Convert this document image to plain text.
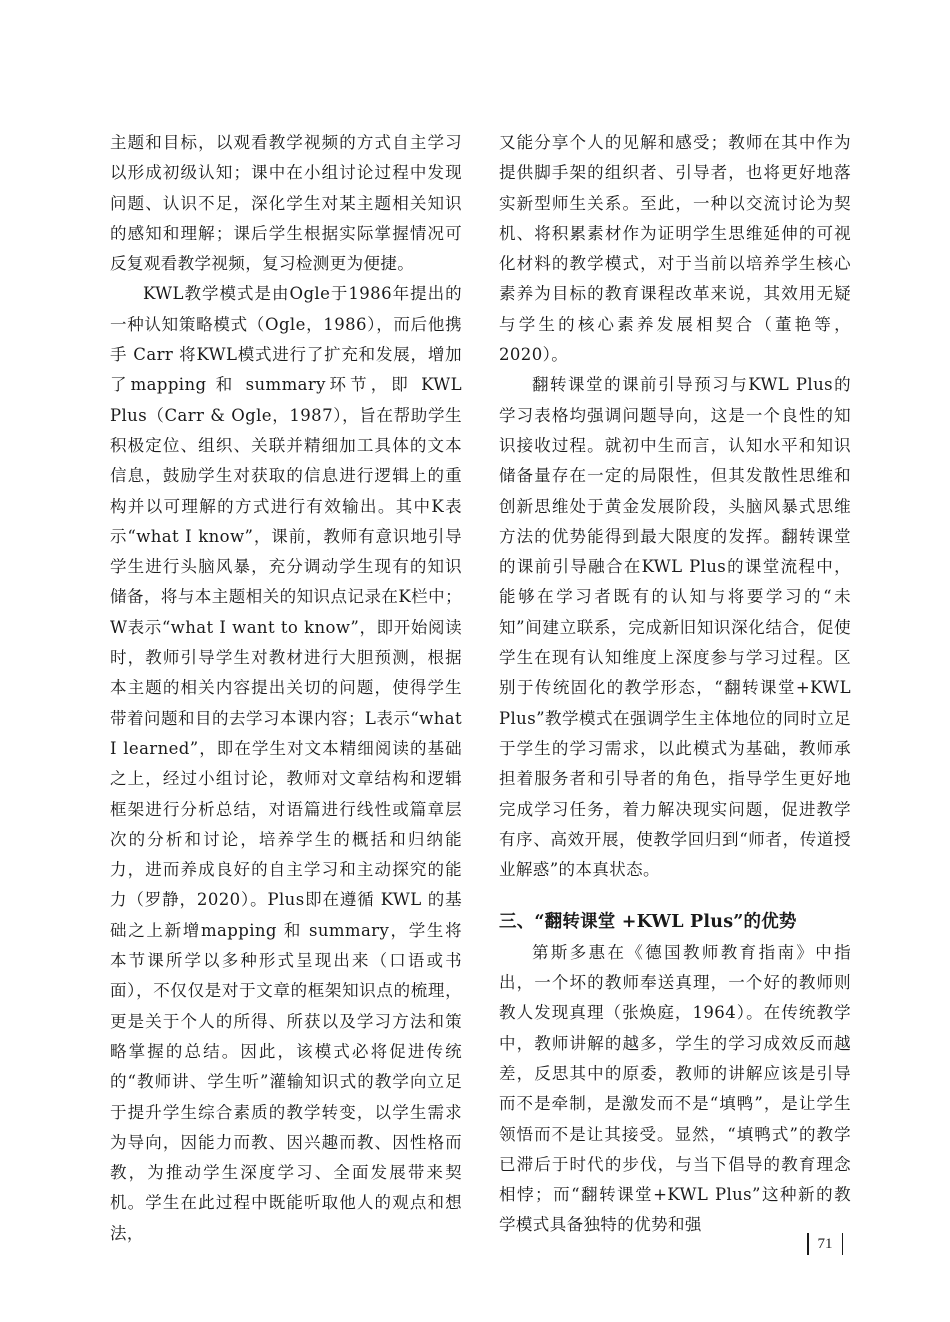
主题和目标，以观看教学视频的方式自主学习以形成初级认知；课中在小组讨论过程中发现问题、认识不足，深化学生对某主题相关知识的感知和理解；课后学生根据实际掌握情况可反复观看教学视频，复习检测更为便捷。

KWL教学模式是由Ogle于1986年提出的一种认知策略模式（Ogle，1986），而后他携手 Carr 将KWL模式进行了扩充和发展，增加了mapping 和 summary环节，即 KWL Plus（Carr & Ogle，1987），旨在帮助学生积极定位、组织、关联并精细加工具体的文本信息，鼓励学生对获取的信息进行逻辑上的重构并以可理解的方式进行有效输出。其中K表示“what I know”，课前，教师有意识地引导学生进行头脑风暴，充分调动学生现有的知识储备，将与本主题相关的知识点记录在K栏中；W表示“what I want to know”，即开始阅读时，教师引导学生对教材进行大胆预测，根据本主题的相关内容提出关切的问题，使得学生带着问题和目的去学习本课内容；L表示“what I learned”，即在学生对文本精细阅读的基础之上，经过小组讨论，教师对文章结构和逻辑框架进行分析总结，对语篇进行线性或篇章层次的分析和讨论，培养学生的概括和归纳能力，进而养成良好的自主学习和主动探究的能力（罗静，2020）。Plus即在遵循 KWL 的基础之上新增mapping 和 summary，学生将本节课所学以多种形式呈现出来（口语或书面），不仅仅是对于文章的框架知识点的梳理，更是关于个人的所得、所获以及学习方法和策略掌握的总结。因此，该模式必将促进传统的“教师讲、学生听”灌输知识式的教学向立足于提升学生综合素质的教学转变，以学生需求为导向，因能力而教、因兴趣而教、因性格而教，为推动学生深度学习、全面发展带来契机。学生在此过程中既能听取他人的观点和想法，

又能分享个人的见解和感受；教师在其中作为提供脚手架的组织者、引导者，也将更好地落实新型师生关系。至此，一种以交流讨论为契机、将积累素材作为证明学生思维延伸的可视化材料的教学模式，对于当前以培养学生核心素养为目标的教育课程改革来说，其效用无疑与学生的核心素养发展相契合（董艳等，2020）。

翻转课堂的课前引导预习与KWL Plus的学习表格均强调问题导向，这是一个良性的知识接收过程。就初中生而言，认知水平和知识储备量存在一定的局限性，但其发散性思维和创新思维处于黄金发展阶段，头脑风暴式思维方法的优势能得到最大限度的发挥。翻转课堂的课前引导融合在KWL Plus的课堂流程中，能够在学习者既有的认知与将要学习的“未知”间建立联系，完成新旧知识深化结合，促使学生在现有认知维度上深度参与学习过程。区别于传统固化的教学形态，“翻转课堂+KWL Plus”教学模式在强调学生主体地位的同时立足于学生的学习需求，以此模式为基础，教师承担着服务者和引导者的角色，指导学生更好地完成学习任务，着力解决现实问题，促进教学有序、高效开展，使教学回归到“师者，传道授业解惑”的本真状态。

三、“翻转课堂 +KWL Plus”的优势

第斯多惠在《德国教师教育指南》中指出，一个坏的教师奉送真理，一个好的教师则教人发现真理（张焕庭，1964）。在传统教学中，教师讲解的越多，学生的学习成效反而越差，反思其中的原委，教师的讲解应该是引导而不是牵制，是激发而不是“填鸭”，是让学生领悟而不是让其接受。显然，“填鸭式”的教学已滞后于时代的步伐，与当下倡导的教育理念相悖；而“翻转课堂+KWL Plus”这种新的教学模式具备独特的优势和强

71
